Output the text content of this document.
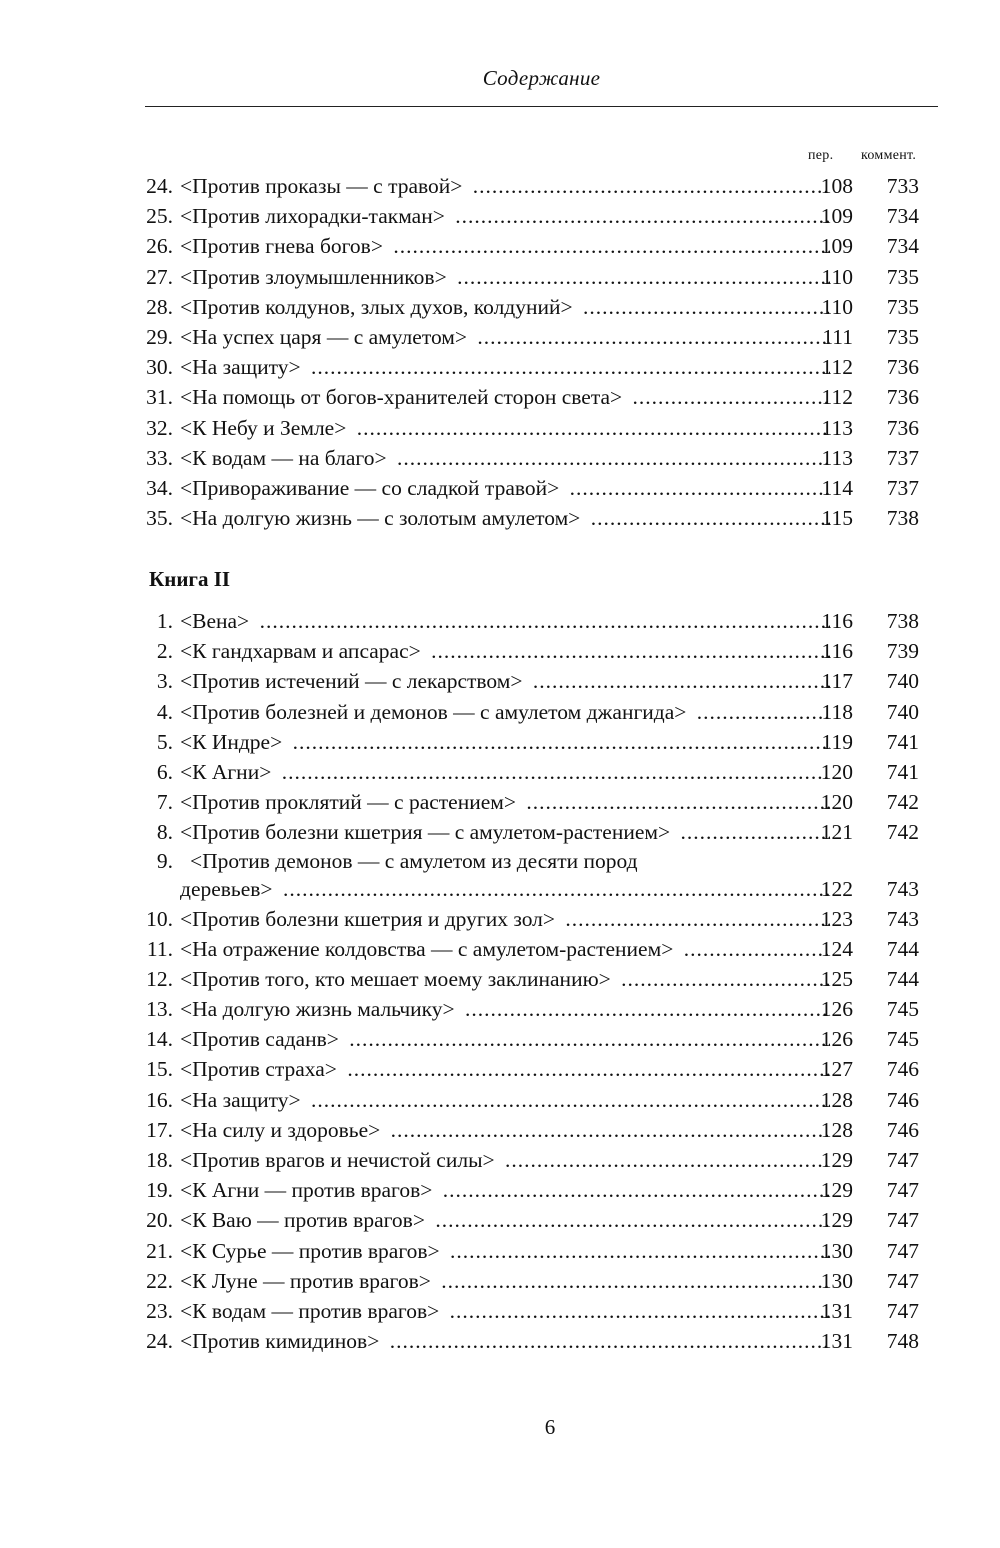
Содержание
пер. коммент.
24. <Против проказы — с травой> .....	108	733
25. <Против лихорадки-такман> .....	109	734
26. <Против гнева богов> .....	109	734
27. <Против злоумышленников> .....	110	735
28. <Против колдунов, злых духов, колдуний> .....	110	735
29. <На успех царя — с амулетом> .....	111	735
30. <На защиту> .....	112	736
31. <На помощь от богов-хранителей сторон света> .....	112	736
32. <К Небу и Земле> .....	113	736
33. <К водам — на благо> .....	113	737
34. <Привораживание — со сладкой травой> .....	114	737
35. <На долгую жизнь — с золотым амулетом> .....	115	738
Книга II
1. <Вена> .....	116	738
2. <К гандхарвам и апсарас> .....	116	739
3. <Против истечений — с лекарством> .....	117	740
4. <Против болезней и демонов — с амулетом джангида> .....	118	740
5. <К Индре> .....	119	741
6. <К Агни> .....	120	741
7. <Против проклятий — с растением> .....	120	742
8. <Против болезни кшетрия — с амулетом-растением> .....	121	742
9. <Против демонов — с амулетом из десяти пород
деревьев> .....	122	743
10. <Против болезни кшетрия и других зол> .....	123	743
11. <На отражение колдовства — с амулетом-растением> .....	124	744
12. <Против того, кто мешает моему заклинанию> .....	125	744
13. <На долгую жизнь мальчику> .....	126	745
14. <Против саданв> .....	126	745
15. <Против страха> .....	127	746
16. <На защиту> .....	128	746
17. <На силу и здоровье> .....	128	746
18. <Против врагов и нечистой силы> .....	129	747
19. <К Агни — против врагов> .....	129	747
20. <К Ваю — против врагов> .....	129	747
21. <К Сурье — против врагов> .....	130	747
22. <К Луне — против врагов> .....	130	747
23. <К водам — против врагов> .....	131	747
24. <Против кимидинов> .....	131	748
6
